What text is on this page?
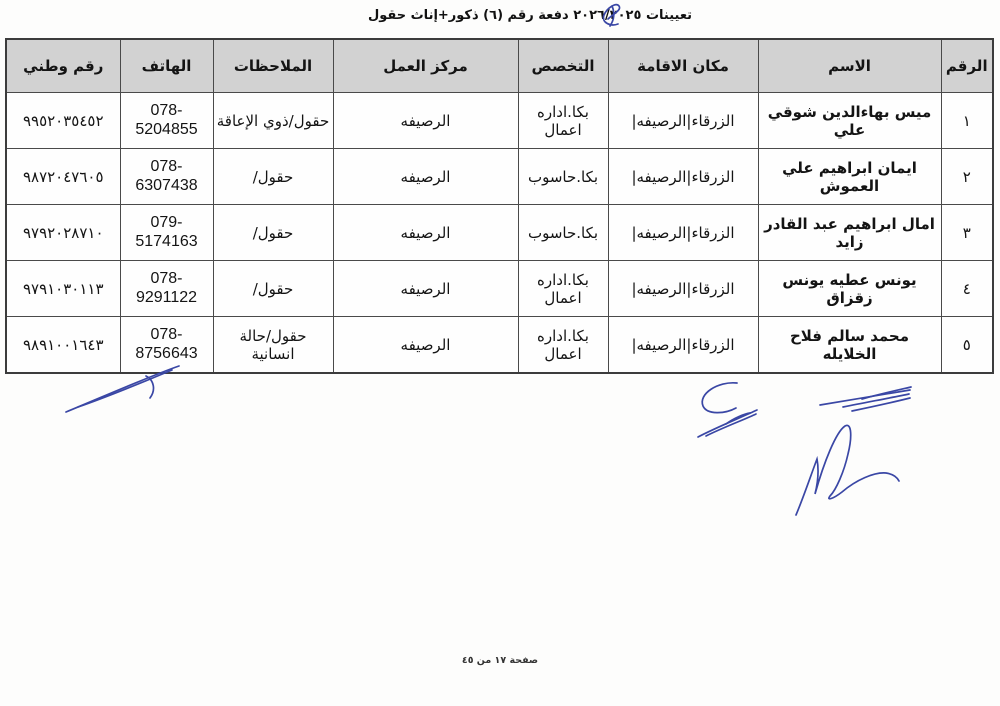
تعيينات ٢٠٢٦/٢٠٢٥ دفعة رقم (٦) ذكور+إناث حقول
الرقم	الاسم	مكان الاقامة	التخصص	مركز العمل	الملاحظات	الهاتف	رقم وطني
١	ميس بهاءالدين شوقي علي	الزرقاء|الرصيفه|	بكا.اداره اعمال	الرصيفه	حقول/ذوي الإعاقة	078-5204855	٩٩٥٢٠٣٥٤٥٢
٢	ايمان ابراهيم علي العموش	الزرقاء|الرصيفه|	بكا.حاسوب	الرصيفه	حقول/	078-6307438	٩٨٧٢٠٤٧٦٠٥
٣	امال ابراهيم عبد القادر زايد	الزرقاء|الرصيفه|	بكا.حاسوب	الرصيفه	حقول/	079-5174163	٩٧٩٢٠٢٨٧١٠
٤	يونس عطيه يونس زقزاق	الزرقاء|الرصيفه|	بكا.اداره اعمال	الرصيفه	حقول/	078-9291122	٩٧٩١٠٣٠١١٣
٥	محمد سالم فلاح الخلايله	الزرقاء|الرصيفه|	بكا.اداره اعمال	الرصيفه	حقول/حالة انسانية	078-8756643	٩٨٩١٠٠١٦٤٣
صفحة ١٧ من ٤٥
